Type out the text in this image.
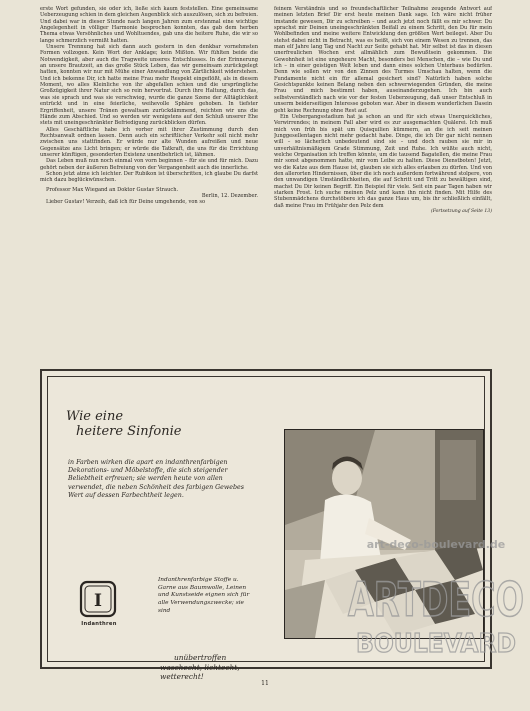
erste Wort gefunden, sie oder ich, ließe sich kaum feststellen. Eine gemeinsame Ueberzeugung schien in dem gleichen Augenblick sich auszulösen, sich zu befreien. Und dabei war in dieser Stunde nach langen Jahren zum erstenmal eine wichtige Angelegenheit in völliger Harmonie besprochen konnten, das gab dem herben Thema etwas Versöhnliches und Wohltuendes, gab uns die heitere Ruhe, die wir so lange schmerzlich vermißt hatten.

Unsere Trennung hat sich dann auch gestern in den denkbar vornehmsten Formen vollzogen. Kein Wort der Anklage; kein Mißton. Wir fühlten beide die Notwendigkeit, aber auch die Tragweite unseres Entschlusses. In der Erinnerung an unsere Brautzeit, an das große Stück Leben, das wir gemeinsam zurückgelegt hatten, konnten wir nur mit Mühe einer Anwandlung von Zärtlichkeit widerstehen. Und ich bekenne Dir, ich hatte meine Frau mehr Respekt eingeflößt, als in diesem Moment, wo alles Kleinliche von ihr abgefallen schien und die ursprüngliche Großzügigkeit ihrer Natur sich so rein hervortrat. Durch ihre Haltung, durch das, was sie sprach und was sie verschwieg, wurde die ganze Szene der Alltäglichkeit entrückt und in eine feierliche, weihevolle Sphäre gehoben. In tiefster Ergriffenheit, unsere Tränen gewaltsam zurückdämmend, reichten wir uns die Hände zum Abschied. Und so werden wir wenigstens auf den Schluß unserer Ehe stets mit uneingeschränkter Befriedigung zurückblicken dürfen.

Alles Geschäftliche habe ich vorher mit ihrer Zustimmung durch den Rechtsanwalt ordnen lassen. Denn auch ein schriftlicher Verkehr soll nicht mehr zwischen uns stattfinden. Er würde nur alte Wunden aufreißen und neue Gegensätze ans Licht bringen; er würde die Tatkraft, die uns für die Errichtung unserer künftigen, gesonderten Existenz unentbehrlich ist, lähmen.

Das Leben muß nun noch einmal von vorn beginnen – für sie und für mich. Dazu gehört neben der äußeren Befreiung von der Vergangenheit auch die innerliche.

Schon jetzt atme ich leichter. Der Rubikon ist überschritten, ich glaube Du darfst mich dazu beglückwünschen.

Professor Max Wiegand an Doktor Gustav Strauch.

Berlin, 12. Dezember.

Lieber Gustav! Verzeih, daß ich für Deine umgehende, von so

feinem Verständnis und so freundschaftlicher Teilnahme zeugende Antwort auf meinen letzten Brief Dir erst heute meinen Dank sage. Ich wäre nicht früher imstande gewesen, Dir zu schreiben – und auch jetzt noch fällt es mir schwer. Du sprachst mir Deinen uneingeschränkten Beifall zu einem Schritt, den Du für mein Wohlbefinden und meine weitere Entwicklung den größten Wert beilegst. Aber Du stehst dabei nicht in Betracht, was es heißt, sich von einem Wesen zu trennen, das man elf Jahre lang Tag und Nacht zur Seite gehabt hat. Mir selbst ist das in diesen unerfreulichen Wochen erst allmählich zum Bewußtsein gekommen. Die Gewohnheit ist eine ungeheure Macht, besonders bei Menschen, die – wie Du und ich – in einer geistigen Welt leben und dann eines solchen Unterbaus bedürfen. Denn wie sollen wir von den Zinnen des Turmes Umschau halten, wenn die Fundamente nicht ein für allemal gesichert sind? Natürlich haben solche Gesichtspunkte keinen Belang neben den schwerwiegenden Gründen, die meine Frau und mich bestimmt haben, auseinanderzugehen. Ich bin auch selbstverständlich nach wie vor der festen Ueberzeugung, daß unser Entschluß in unserm beiderseitigen Interesse geboten war. Aber in diesem wunderlichen Dasein geht keine Rechnung ohne Rest auf.

Ein Uebergangsstadium hat ja schon an und für sich etwas Unerquickliches, Verwirrendes; in meinem Fall aber wird es zur ausgemachten Quälerei. Ich muß mich von früh bis spät um Quisquilien kümmern, an die ich seit meinen Junggesellentagen nicht mehr gedacht habe. Dinge, die ich Dir gar nicht nennen will – so lächerlich unbedeutend sind sie – und doch rauben sie mir in unverhältnismäßigem Grade Stimmung, Zeit und Ruhe. Ich wüßte auch nicht, welche Organisation ich treffen könnte, um die tausend Bagatellen, die meine Frau mir sonst abgenommen hatte, mir vom Leibe zu halten. Diese Dienstboten! Jetzt, wo die Katze aus dem Hause ist, glauben sie sich alles erlauben zu dürfen. Und von den allerorten Hindernissen, über die ich noch außerdem fortwährend stolpere, von den unwandigen Umständlichkeiten, die auf Schritt und Tritt zu bewältigen sind, machst Du Dir keinen Begriff. Ein Beispiel für viele. Seit ein paar Tagen haben wir starken Frost. Ich suche meinen Pelz und kann ihn nicht finden. Mit Hilfe des Stubenmädchens durchstöbere ich das ganze Haus um, bis ihr schließlich einfällt, daß meine Frau im Frühjahr den Pelz dem

(Fortsetzung auf Seite 13)
Wie eine
heitere Sinfonie
in Farben wirken die apart en indanthrenfarbigen Dekorations- und Möbelstoffe, die sich steigender Beliebtheit erfreuen; sie werden heute von allen verwendet, die neben Schönheit des farbigen Gewebes Wert auf dessen Farbechtheit legen.
I
Indanthren
Indanthrenfarbige Stoffe u. Garne aus Baumwolle, Leinen und Kunstseide eignen sich für alle Verwendungszwecke; sie sind
unübertroffen
waschecht, lichtecht, wetterecht!
art-deco-boulevard.de
ARTDECO
BOULEVARD
11
